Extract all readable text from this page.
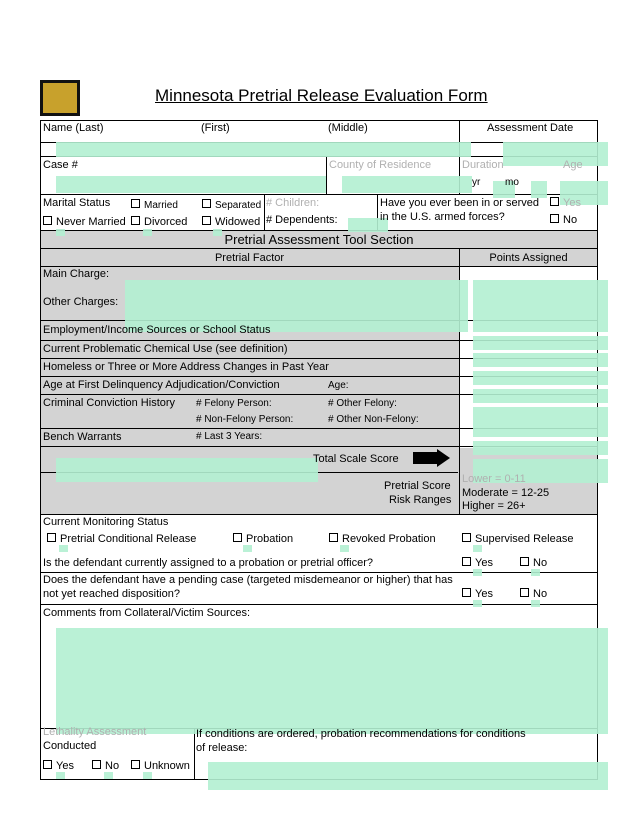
Minnesota Pretrial Release Evaluation Form
Name (Last)	(First)	(Middle)	Assessment Date
Case #	County of Residence	Duration	Age
yr mo
Marital Status	Married	Separated
Never Married	Divorced	Widowed
# Children:
# Dependents:
Have you ever been in or served
in the U.S. armed forces?
Yes
No
Pretrial Assessment Tool Section
Pretrial Factor	Points Assigned
Main Charge:
Other Charges:
Employment/Income Sources or School Status
Current Problematic Chemical Use (see definition)
Homeless or Three or More Address Changes in Past Year
Age at First Delinquency Adjudication/Conviction	Age:
Criminal Conviction History # Felony Person:	# Other Felony:
# Non-Felony Person:	# Other Non-Felony:
Bench Warrants	# Last 3 Years:
Total Scale Score
Pretrial Score
Risk Ranges
Lower = 0-11
Moderate = 12-25
Higher = 26+
Current Monitoring Status
Pretrial Conditional Release	Probation	Revoked Probation	Supervised Release
Is the defendant currently assigned to a probation or pretrial officer?	Yes	No
Does the defendant have a pending case (targeted misdemeanor or higher) that has
not yet reached disposition?	Yes	No
Comments from Collateral/Victim Sources:
Lethality Assessment
Conducted
Yes	No	Unknown
If conditions are ordered, probation recommendations for conditions
of release:
